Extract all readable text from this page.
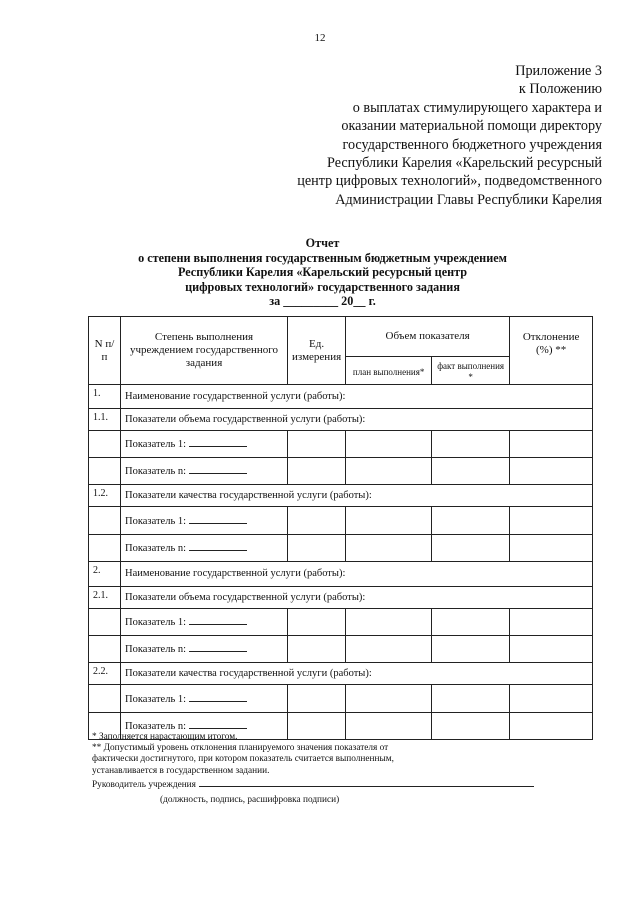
12
Приложение 3
к Положению
о выплатах стимулирующего характера и
оказании материальной помощи директору
государственного бюджетного учреждения
Республики Карелия «Карельский ресурсный
центр цифровых технологий», подведомственного
Администрации Главы Республики Карелия
Отчет
о степени выполнения государственным бюджетным учреждением
Республики Карелия «Карельский ресурсный центр
цифровых технологий» государственного задания
за _________ 20__ г.
N п/п	Степень выполнения учреждением государственного задания	Ед. измерения	Объем показателя		Отклонение (%) **
			план выполнения*	факт выполнения *	
1.	Наименование государственной услуги (работы):				
1.1.	Показатели объема государственной услуги (работы):				
	Показатель 1:				
	Показатель n:				
1.2.	Показатели качества государственной услуги (работы):				
	Показатель 1:				
	Показатель n:				
2.	Наименование государственной услуги (работы):				
2.1.	Показатели объема государственной услуги (работы):				
	Показатель 1:				
	Показатель n:				
2.2.	Показатели качества государственной услуги (работы):				
	Показатель 1:				
	Показатель n:				
* Заполняется нарастающим итогом.
** Допустимый уровень отклонения планируемого значения показателя от
фактически достигнутого, при котором показатель считается выполненным,
устанавливается в государственном задании.
Руководитель учреждения
(должность, подпись, расшифровка подписи)
